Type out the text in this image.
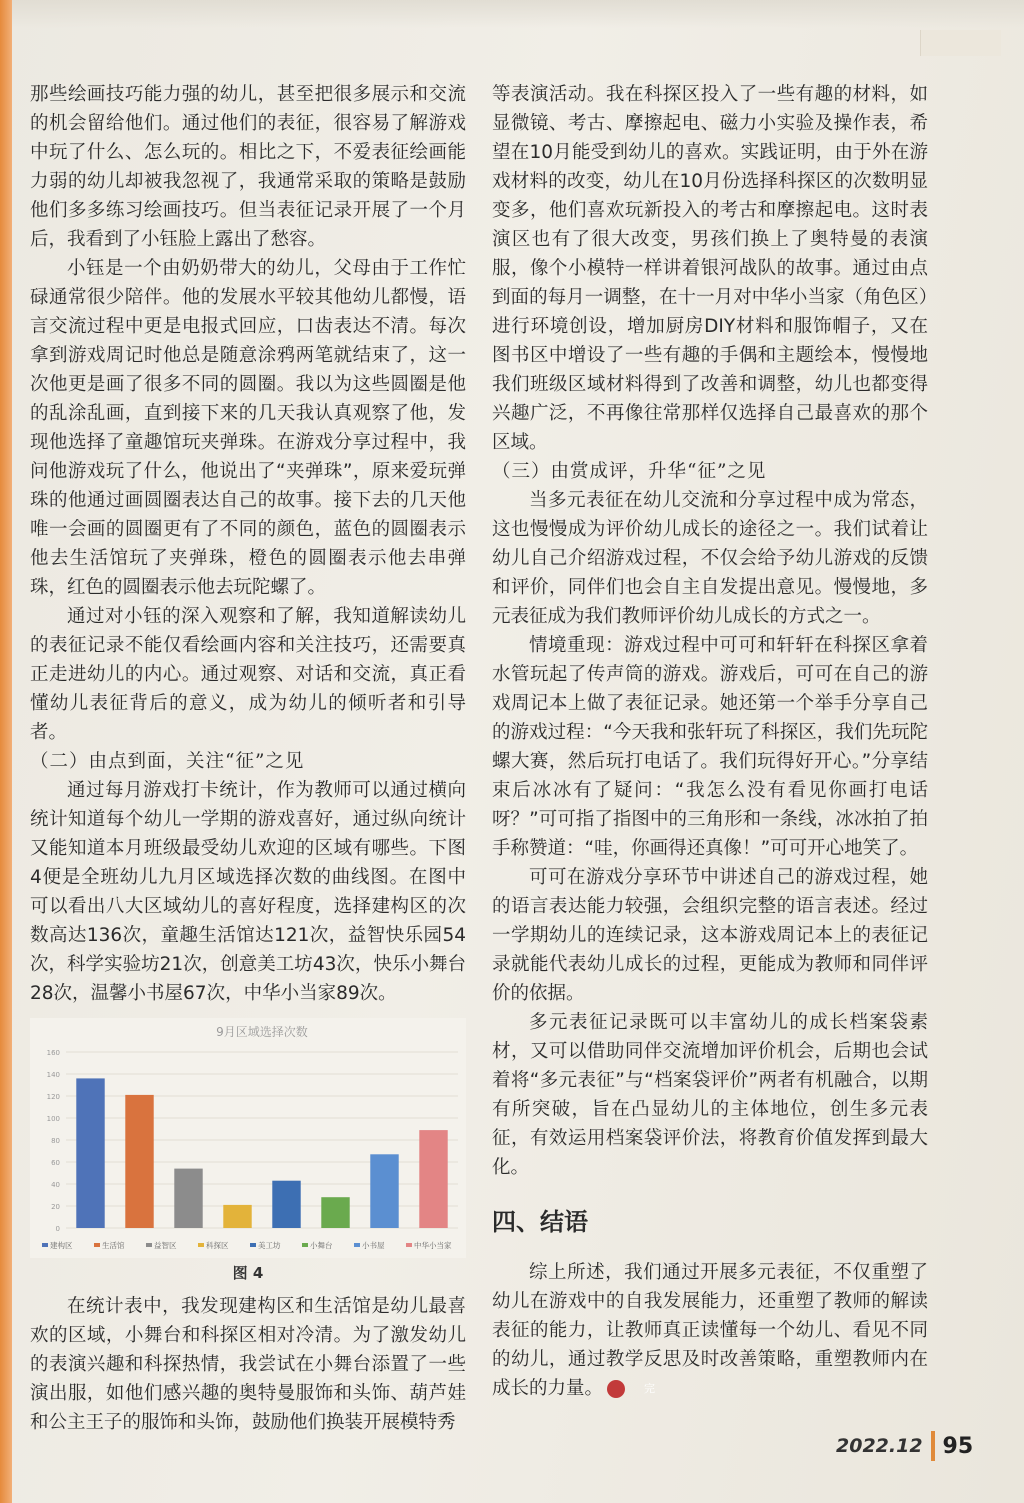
那些绘画技巧能力强的幼儿，甚至把很多展示和交流的机会留给他们。通过他们的表征，很容易了解游戏中玩了什么、怎么玩的。相比之下，不爱表征绘画能力弱的幼儿却被我忽视了，我通常采取的策略是鼓励他们多多练习绘画技巧。但当表征记录开展了一个月后，我看到了小钰脸上露出了愁容。

小钰是一个由奶奶带大的幼儿，父母由于工作忙碌通常很少陪伴。他的发展水平较其他幼儿都慢，语言交流过程中更是电报式回应，口齿表达不清。每次拿到游戏周记时他总是随意涂鸦两笔就结束了，这一次他更是画了很多不同的圆圈。我以为这些圆圈是他的乱涂乱画，直到接下来的几天我认真观察了他，发现他选择了童趣馆玩夹弹珠。在游戏分享过程中，我问他游戏玩了什么，他说出了“夹弹珠”，原来爱玩弹珠的他通过画圆圈表达自己的故事。接下去的几天他唯一会画的圆圈更有了不同的颜色，蓝色的圆圈表示他去生活馆玩了夹弹珠，橙色的圆圈表示他去串弹珠，红色的圆圈表示他去玩陀螺了。

通过对小钰的深入观察和了解，我知道解读幼儿的表征记录不能仅看绘画内容和关注技巧，还需要真正走进幼儿的内心。通过观察、对话和交流，真正看懂幼儿表征背后的意义，成为幼儿的倾听者和引导者。

（二）由点到面，关注“征”之见

通过每月游戏打卡统计，作为教师可以通过横向统计知道每个幼儿一学期的游戏喜好，通过纵向统计又能知道本月班级最受幼儿欢迎的区域有哪些。下图4便是全班幼儿九月区域选择次数的曲线图。在图中可以看出八大区域幼儿的喜好程度，选择建构区的次数高达136次，童趣生活馆达121次，益智快乐园54次，科学实验坊21次，创意美工坊43次，快乐小舞台28次，温馨小书屋67次，中华小当家89次。

9月区域选择次数
0
20
40
60
80
100
120
140
160
建构区	生活馆	益智区	科探区	美工坊	小舞台	小书屋	中华小当家
图 4

在统计表中，我发现建构区和生活馆是幼儿最喜欢的区域，小舞台和科探区相对冷清。为了激发幼儿的表演兴趣和科探热情，我尝试在小舞台添置了一些演出服，如他们感兴趣的奥特曼服饰和头饰、葫芦娃和公主王子的服饰和头饰，鼓励他们换装开展模特秀

等表演活动。我在科探区投入了一些有趣的材料，如显微镜、考古、摩擦起电、磁力小实验及操作表，希望在10月能受到幼儿的喜欢。实践证明，由于外在游戏材料的改变，幼儿在10月份选择科探区的次数明显变多，他们喜欢玩新投入的考古和摩擦起电。这时表演区也有了很大改变，男孩们换上了奥特曼的表演服，像个小模特一样讲着银河战队的故事。通过由点到面的每月一调整，在十一月对中华小当家（角色区）进行环境创设，增加厨房DIY材料和服饰帽子，又在图书区中增设了一些有趣的手偶和主题绘本，慢慢地我们班级区域材料得到了改善和调整，幼儿也都变得兴趣广泛，不再像往常那样仅选择自己最喜欢的那个区域。

（三）由赏成评，升华“征”之见

当多元表征在幼儿交流和分享过程中成为常态，这也慢慢成为评价幼儿成长的途径之一。我们试着让幼儿自己介绍游戏过程，不仅会给予幼儿游戏的反馈和评价，同伴们也会自主自发提出意见。慢慢地，多元表征成为我们教师评价幼儿成长的方式之一。

情境重现：游戏过程中可可和轩轩在科探区拿着水管玩起了传声筒的游戏。游戏后，可可在自己的游戏周记本上做了表征记录。她还第一个举手分享自己的游戏过程：“今天我和张轩玩了科探区，我们先玩陀螺大赛，然后玩打电话了。我们玩得好开心。”分享结束后冰冰有了疑问：“我怎么没有看见你画打电话呀？”可可指了指图中的三角形和一条线，冰冰拍了拍手称赞道：“哇，你画得还真像！”可可开心地笑了。

可可在游戏分享环节中讲述自己的游戏过程，她的语言表达能力较强，会组织完整的语言表述。经过一学期幼儿的连续记录，这本游戏周记本上的表征记录就能代表幼儿成长的过程，更能成为教师和同伴评价的依据。

多元表征记录既可以丰富幼儿的成长档案袋素材，又可以借助同伴交流增加评价机会，后期也会试着将“多元表征”与“档案袋评价”两者有机融合，以期有所突破，旨在凸显幼儿的主体地位，创生多元表征，有效运用档案袋评价法，将教育价值发挥到最大化。

四、结语

综上所述，我们通过开展多元表征，不仅重塑了幼儿在游戏中的自我发展能力，还重塑了教师的解读表征的能力，让教师真正读懂每一个幼儿、看见不同的幼儿，通过教学反思及时改善策略，重塑教师内在成长的力量。	完

2022.12 95
